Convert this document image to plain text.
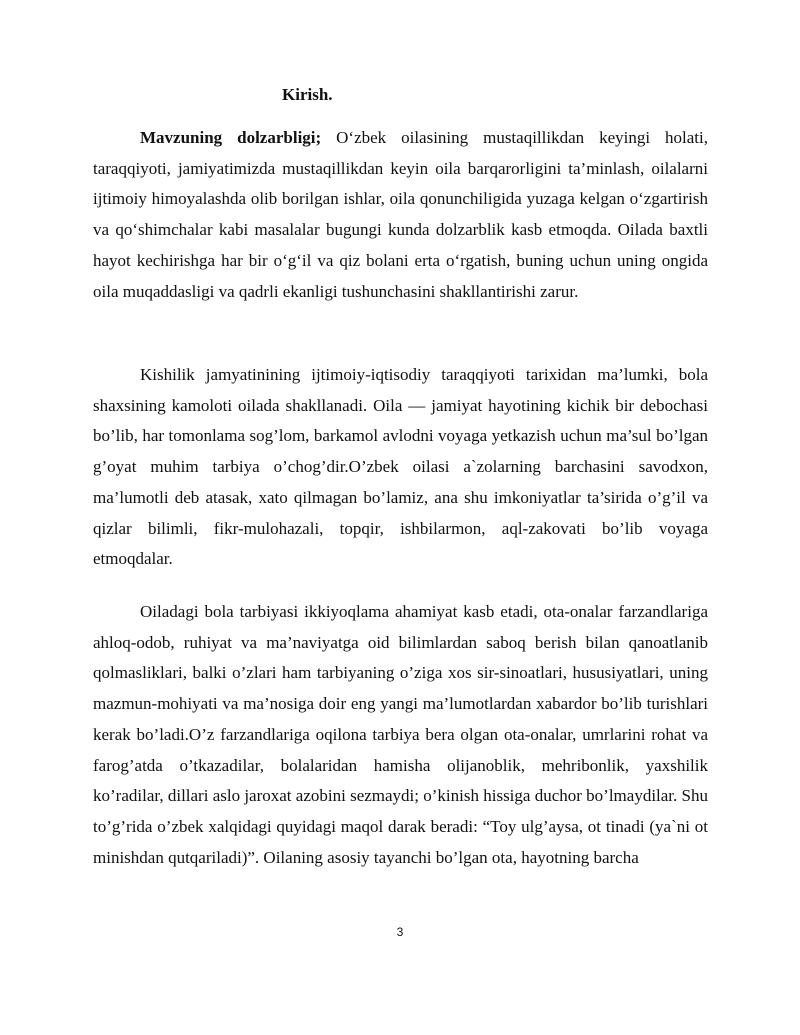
Kirish.

Mavzuning dolzarbligi; O‘zbek oilasining mustaqillikdan keyingi holati, taraqqiyoti, jamiyatimizda mustaqillikdan keyin oila barqarorligini ta’minlash, oilalarni ijtimoiy himoyalashda olib borilgan ishlar, oila qonunchiligida yuzaga kelgan o‘zgartirish va qo‘shimchalar kabi masalalar bugungi kunda dolzarblik kasb etmoqda. Oilada baxtli hayot kechirishga har bir o‘g‘il va qiz bolani erta o‘rgatish, buning uchun uning ongida oila muqaddasligi va qadrli ekanligi tushunchasini shakllantirishi zarur.

Kishilik jamyatinining ijtimoiy-iqtisodiy taraqqiyoti tarixidan ma’lumki, bola shaxsining kamoloti oilada shakllanadi. Oila — jamiyat hayotining kichik bir debochasi bo’lib, har tomonlama sog’lom, barkamol avlodni voyaga yetkazish uchun ma’sul bo’lgan g’oyat muhim tarbiya o’chog’dir.O’zbek oilasi a`zolarning barchasini savodxon, ma’lumotli deb atasak, xato qilmagan bo’lamiz, ana shu imkoniyatlar ta’sirida o’g’il va qizlar bilimli, fikr-mulohazali, topqir, ishbilarmon, aql-zakovati bo’lib voyaga etmoqdalar.

Oiladagi bola tarbiyasi ikkiyoqlama ahamiyat kasb etadi, ota-onalar farzandlariga ahloq-odob, ruhiyat va ma’naviyatga oid bilimlardan saboq berish bilan qanoatlanib qolmasliklari, balki o’zlari ham tarbiyaning o’ziga xos sir-sinoatlari, hususiyatlari, uning mazmun-mohiyati va ma’nosiga doir eng yangi ma’lumotlardan xabardor bo’lib turishlari kerak bo’ladi.O’z farzandlariga oqilona tarbiya bera olgan ota-onalar, umrlarini rohat va farog’atda o’tkazadilar, bolalaridan hamisha olijanoblik, mehribonlik, yaxshilik ko’radilar, dillari aslo jaroxat azobini sezmaydi; o’kinish hissiga duchor bo’lmaydilar. Shu to’g’rida o’zbek xalqidagi quyidagi maqol darak beradi: “Toy ulg’aysa, ot tinadi (ya`ni ot minishdan qutqariladi)”. Oilaning asosiy tayanchi bo’lgan ota, hayotning barcha

3
